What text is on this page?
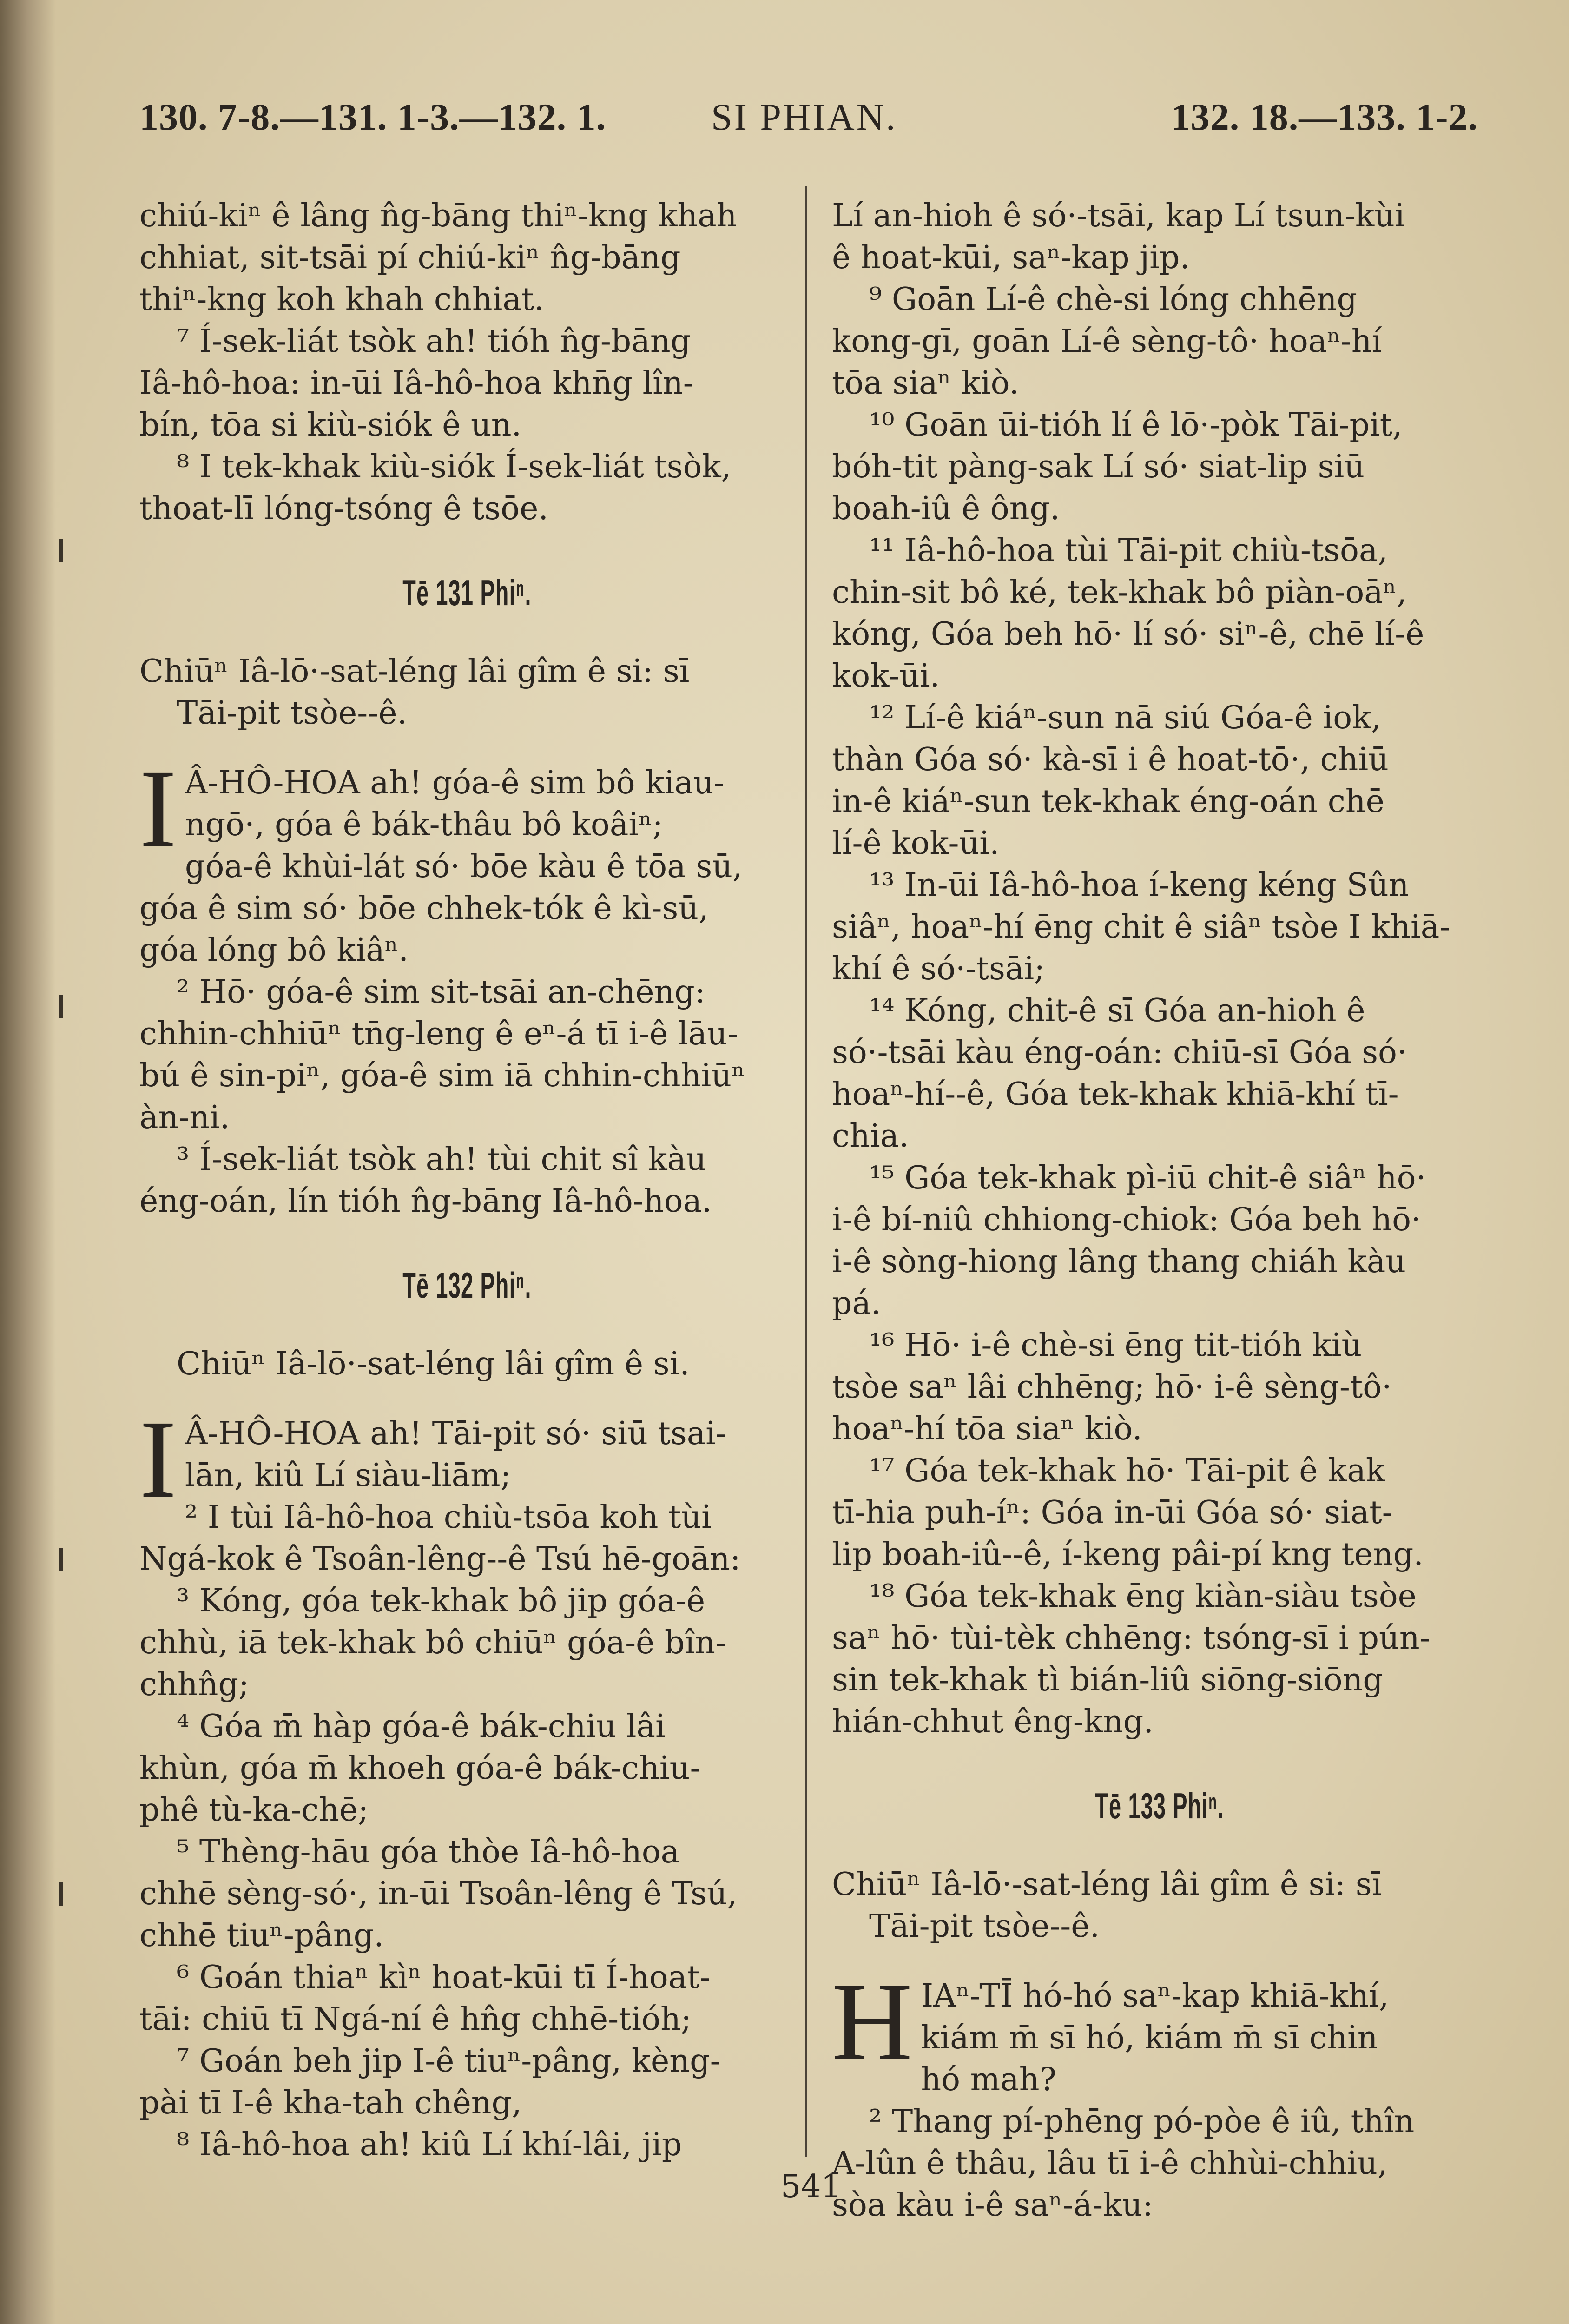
130. 7-8.—131. 1-3.—132. 1.	SI PHIAN.	132. 18.—133. 1-2.
chiú-kiⁿ ê lâng n̂g-bāng thiⁿ-kng khah
chhiat, sit-tsāi pí chiú-kiⁿ n̂g-bāng
thiⁿ-kng koh khah chhiat.
⁷ Í-sek-liát tsòk ah! tióh n̂g-bāng
Iâ-hô-hoa: in-ūi Iâ-hô-hoa khn̄g lîn-
bín, tōa si kiù-siók ê un.
⁸ I tek-khak kiù-siók Í-sek-liát tsòk,
thoat-lī lóng-tsóng ê tsōe.
Tē 131 Phiⁿ.
Chiūⁿ Iâ-lō·-sat-léng lâi gîm ê si: sī
Tāi-pit tsòe--ê.
I Â-HÔ-HOA ah! góa-ê sim bô kiau-
ngō·, góa ê bák-thâu bô koâiⁿ;
góa-ê khùi-lát só· bōe kàu ê tōa sū,
góa ê sim só· bōe chhek-tók ê kì-sū,
góa lóng bô kiâⁿ.
² Hō· góa-ê sim sit-tsāi an-chēng:
chhin-chhiūⁿ tn̄g-leng ê eⁿ-á tī i-ê lāu-
bú ê sin-piⁿ, góa-ê sim iā chhin-chhiūⁿ
àn-ni.
³ Í-sek-liát tsòk ah! tùi chit sî kàu
éng-oán, lín tióh n̂g-bāng Iâ-hô-hoa.
Tē 132 Phiⁿ.
Chiūⁿ Iâ-lō·-sat-léng lâi gîm ê si.
I Â-HÔ-HOA ah! Tāi-pit só· siū tsai-
lān, kiû Lí siàu-liām;
² I tùi Iâ-hô-hoa chiù-tsōa koh tùi
Ngá-kok ê Tsoân-lêng--ê Tsú hē-goān:
³ Kóng, góa tek-khak bô jip góa-ê
chhù, iā tek-khak bô chiūⁿ góa-ê bîn-
chhn̂g;
⁴ Góa m̄ hàp góa-ê bák-chiu lâi
khùn, góa m̄ khoeh góa-ê bák-chiu-
phê tù-ka-chē;
⁵ Thèng-hāu góa thòe Iâ-hô-hoa
chhē sèng-só·, in-ūi Tsoân-lêng ê Tsú,
chhē tiuⁿ-pâng.
⁶ Goán thiaⁿ kìⁿ hoat-kūi tī Í-hoat-
tāi: chiū tī Ngá-ní ê hn̂g chhē-tióh;
⁷ Goán beh jip I-ê tiuⁿ-pâng, kèng-
pài tī I-ê kha-tah chêng,
⁸ Iâ-hô-hoa ah! kiû Lí khí-lâi, jip
Lí an-hioh ê só·-tsāi, kap Lí tsun-kùi
ê hoat-kūi, saⁿ-kap jip.
⁹ Goān Lí-ê chè-si lóng chhēng
kong-gī, goān Lí-ê sèng-tô· hoaⁿ-hí
tōa siaⁿ kiò.
¹⁰ Goān ūi-tióh lí ê lō·-pòk Tāi-pit,
bóh-tit pàng-sak Lí só· siat-lip siū
boah-iû ê ông.
¹¹ Iâ-hô-hoa tùi Tāi-pit chiù-tsōa,
chin-sit bô ké, tek-khak bô piàn-oāⁿ,
kóng, Góa beh hō· lí só· siⁿ-ê, chē lí-ê
kok-ūi.
¹² Lí-ê kiáⁿ-sun nā siú Góa-ê iok,
thàn Góa só· kà-sī i ê hoat-tō·, chiū
in-ê kiáⁿ-sun tek-khak éng-oán chē
lí-ê kok-ūi.
¹³ In-ūi Iâ-hô-hoa í-keng kéng Sûn
siâⁿ, hoaⁿ-hí ēng chit ê siâⁿ tsòe I khiā-
khí ê só·-tsāi;
¹⁴ Kóng, chit-ê sī Góa an-hioh ê
só·-tsāi kàu éng-oán: chiū-sī Góa só·
hoaⁿ-hí--ê, Góa tek-khak khiā-khí tī-
chia.
¹⁵ Góa tek-khak pì-iū chit-ê siâⁿ hō·
i-ê bí-niû chhiong-chiok: Góa beh hō·
i-ê sòng-hiong lâng thang chiáh kàu
pá.
¹⁶ Hō· i-ê chè-si ēng tit-tióh kiù
tsòe saⁿ lâi chhēng; hō· i-ê sèng-tô·
hoaⁿ-hí tōa siaⁿ kiò.
¹⁷ Góa tek-khak hō· Tāi-pit ê kak
tī-hia puh-íⁿ: Góa in-ūi Góa só· siat-
lip boah-iû--ê, í-keng pâi-pí kng teng.
¹⁸ Góa tek-khak ēng kiàn-siàu tsòe
saⁿ hō· tùi-tèk chhēng: tsóng-sī i pún-
sin tek-khak tì bián-liû siōng-siōng
hián-chhut êng-kng.
Tē 133 Phiⁿ.
Chiūⁿ Iâ-lō·-sat-léng lâi gîm ê si: sī
Tāi-pit tsòe--ê.
H IAⁿ-TĪ hó-hó saⁿ-kap khiā-khí,
kiám m̄ sī hó, kiám m̄ sī chin
hó mah?
² Thang pí-phēng pó-pòe ê iû, thîn
A-lûn ê thâu, lâu tī i-ê chhùi-chhiu,
sòa kàu i-ê saⁿ-á-ku:
541
